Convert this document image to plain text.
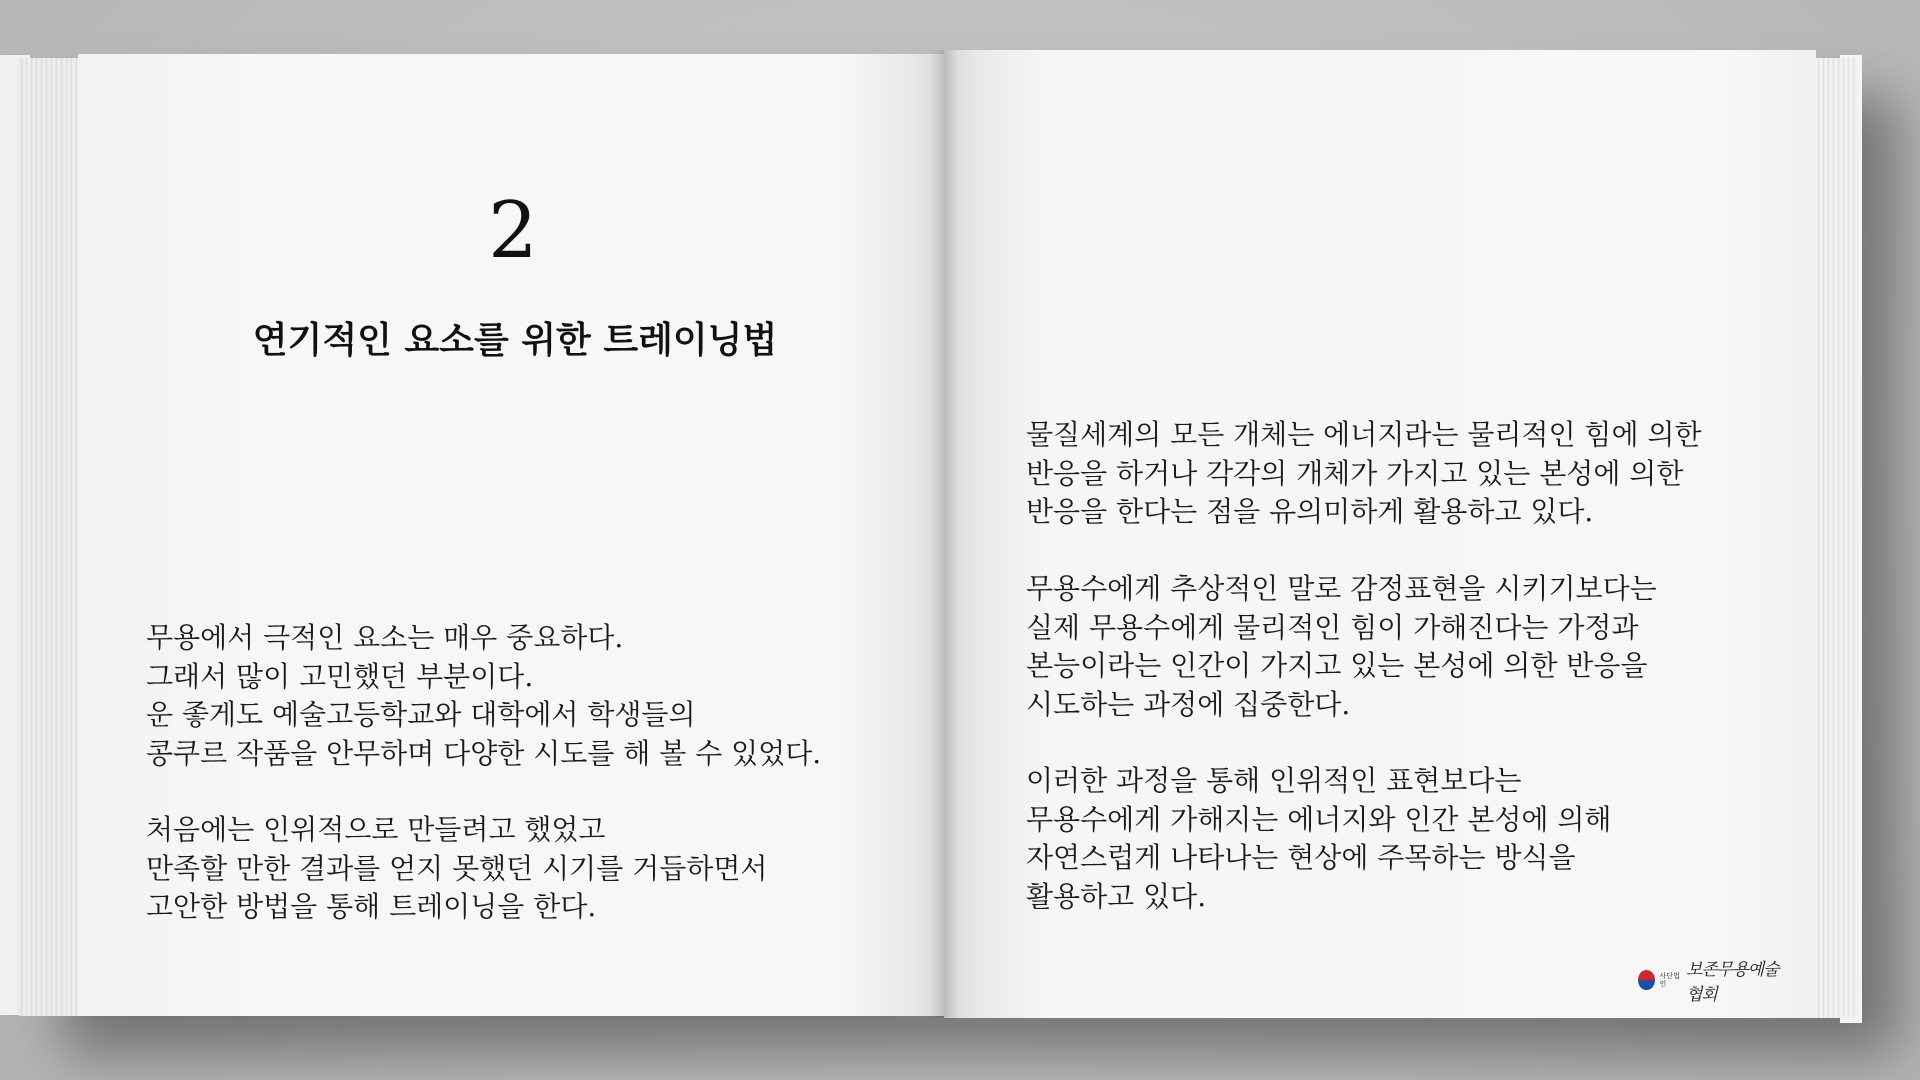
2
연기적인 요소를 위한 트레이닝법
무용에서 극적인 요소는 매우 중요하다.
그래서 많이 고민했던 부분이다.
운 좋게도 예술고등학교와 대학에서 학생들의
콩쿠르 작품을 안무하며 다양한 시도를 해 볼 수 있었다.
처음에는 인위적으로 만들려고 했었고
만족할 만한 결과를 얻지 못했던 시기를 거듭하면서
고안한 방법을 통해 트레이닝을 한다.
물질세계의 모든 개체는 에너지라는 물리적인 힘에 의한
반응을 하거나 각각의 개체가 가지고 있는 본성에 의한
반응을 한다는 점을 유의미하게 활용하고 있다.
무용수에게 추상적인 말로 감정표현을 시키기보다는
실제 무용수에게 물리적인 힘이 가해진다는 가정과
본능이라는 인간이 가지고 있는 본성에 의한 반응을
시도하는 과정에 집중한다.
이러한 과정을 통해 인위적인 표현보다는
무용수에게 가해지는 에너지와 인간 본성에 의해
자연스럽게 나타나는 현상에 주목하는 방식을
활용하고 있다.
사단법인
보존무용예술협회
